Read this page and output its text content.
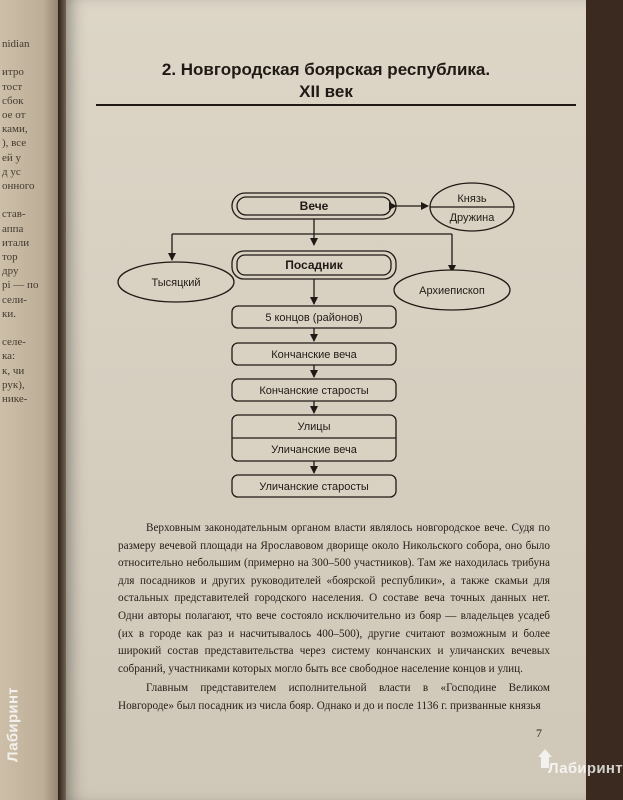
nidian
итро
тост
сбок
ое от
ками,
), все
ей у
д ус
онного
став-
аппа
итали
тор
дру
рі — по
сели-
ки.
селе-
ка:
к, чи
рук),
нике-
2. Новгородская боярская республика.
XII век
Вече	Князь
Дружина
Тысяцкий
Посадник
Архиепископ
5 концов (районов)
Кончанские веча
Кончанские старосты
Улицы
Уличанские веча
Уличанские старосты

Верховным законодательным органом власти являлось новгородское вече. Судя по размеру вечевой площади на Ярославовом дворище около Никольского собора, оно было относительно небольшим (примерно на 300–500 участников). Там же находилась трибуна для посадников и других руководителей «боярской республики», а также скамьи для остальных представителей городского населения. О составе веча точных данных нет. Одни авторы полагают, что вече состояло исключительно из бояр — владельцев усадеб (их в городе как раз и насчитывалось 400–500), другие считают возможным и более широкий состав представительства через систему кончанских и уличанских вечевых собраний, участниками которых могло быть все свободное население концов и улиц.

Главным представителем исполнительной власти в «Господине Великом Новгороде» был посадник из числа бояр. Однако и до и после 1136 г. призванные князья

7
Лабиринт
Лабиринт
